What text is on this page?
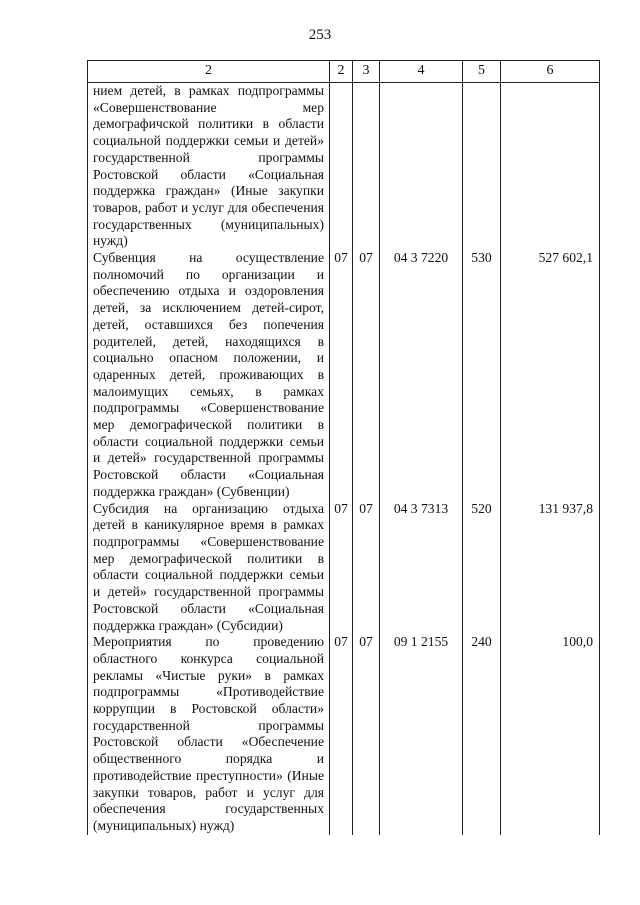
253
2	2	3	4	5	6
нием детей, в рамках подпрограммы «Совершенствование мер демографичской политики в области социальной поддержки семьи и детей» государственной программы Ростовской области «Социальная поддержка граждан» (Иные закупки товаров, работ и услуг для обеспечения государственных (муниципальных) нужд)					
Субвенция на осуществление полномочий по организации и обеспечению отдыха и оздоровления детей, за исключением детей-сирот, детей, оставшихся без попечения родителей, детей, находящихся в социально опасном положении, и одаренных детей, проживающих в малоимущих семьях, в рамках подпрограммы «Совершенствование мер демографической политики в области социальной поддержки семьи и детей» государственной программы Ростовской области «Социальная поддержка граждан» (Субвенции)	07	07	04 3 7220	530	527 602,1
Субсидия на организацию отдыха детей в каникулярное время в рамках подпрограммы «Совершенствование мер демографической политики в области социальной поддержки семьи и детей» государственной программы Ростовской области «Социальная поддержка граждан» (Субсидии)	07	07	04 3 7313	520	131 937,8
Мероприятия по проведению областного конкурса социальной рекламы «Чистые руки» в рамках подпрограммы «Противодействие коррупции в Ростовской области» государственной программы Ростовской области «Обеспечение общественного порядка и противодействие преступности» (Иные закупки товаров, работ и услуг для обеспечения государственных (муниципальных) нужд)	07	07	09 1 2155	240	100,0
